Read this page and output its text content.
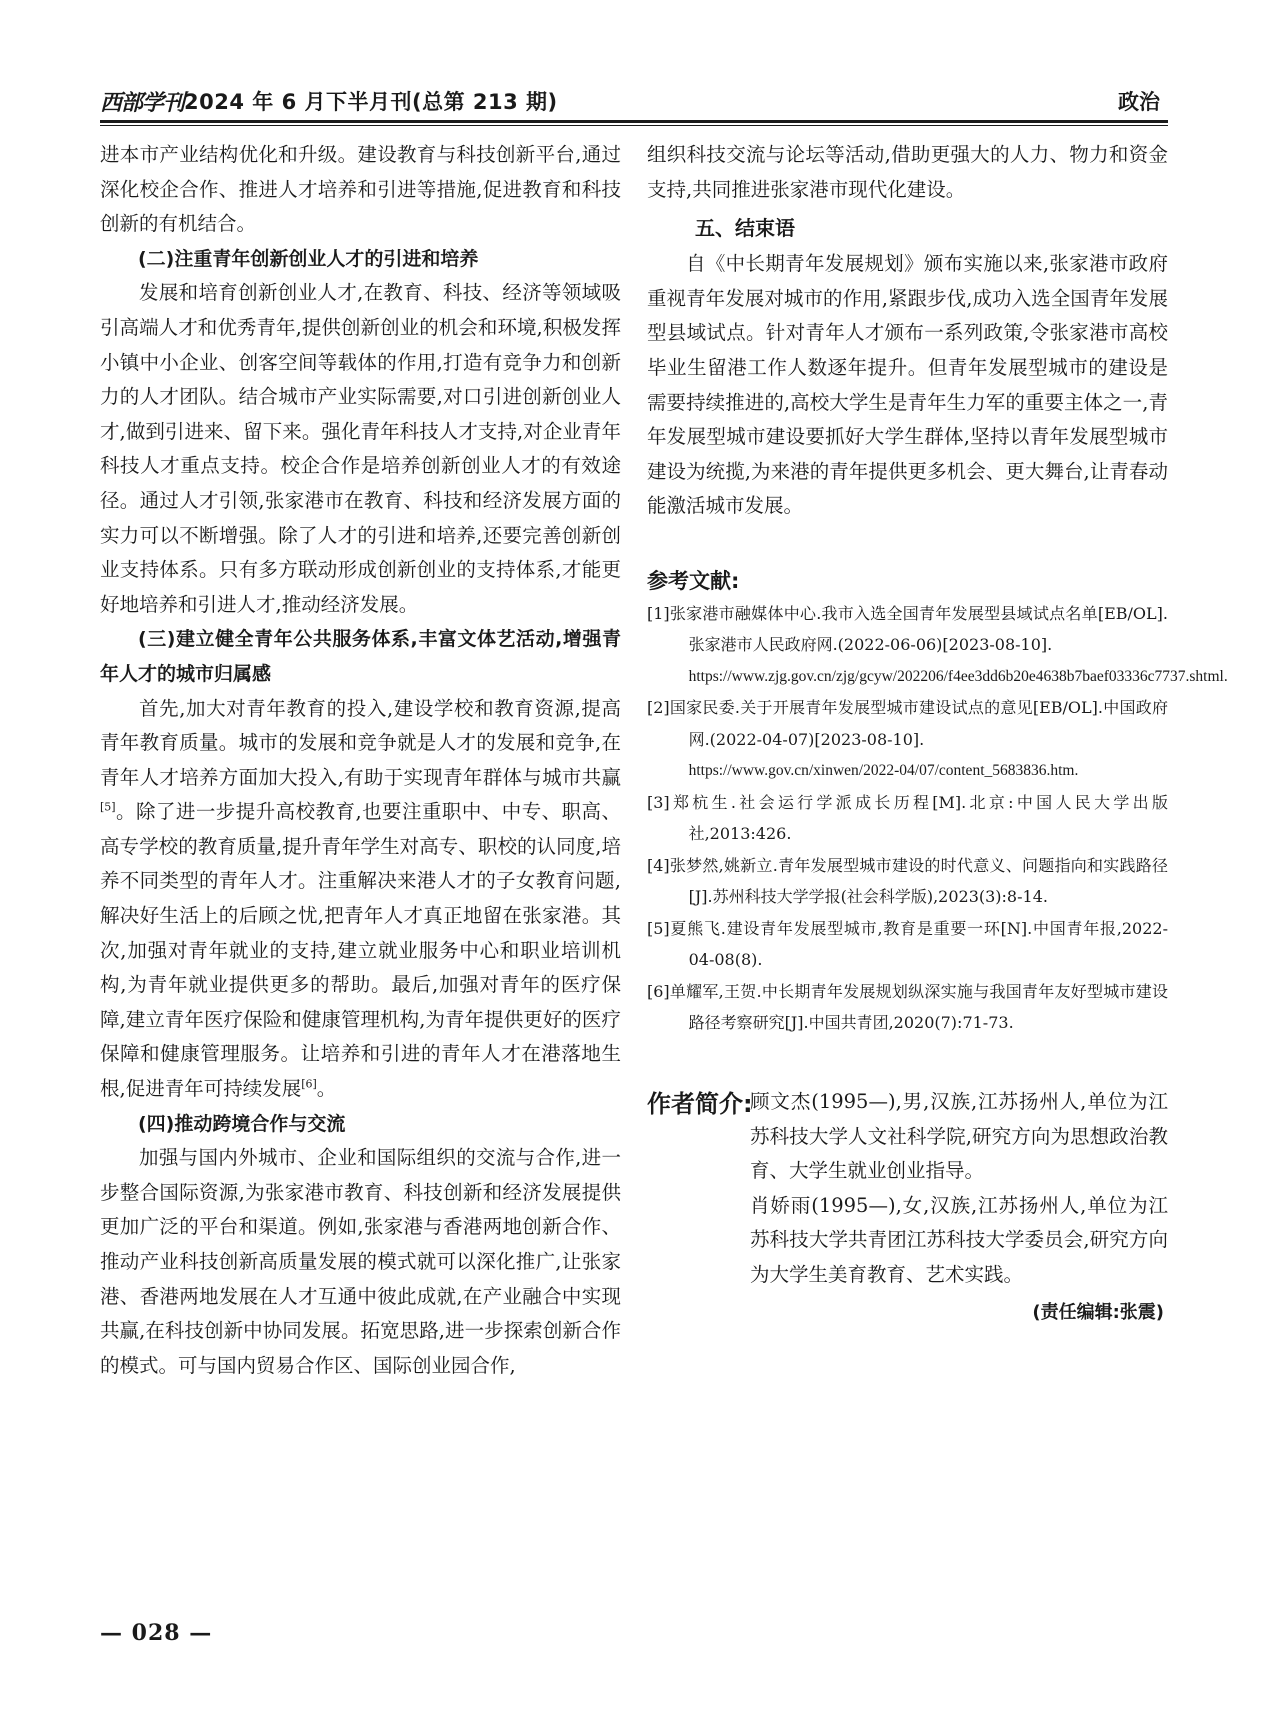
西部学刊 2024 年 6 月下半月刊(总第 213 期)	政治

进本市产业结构优化和升级。建设教育与科技创新平台,通过深化校企合作、推进人才培养和引进等措施,促进教育和科技创新的有机结合。

(二)注重青年创新创业人才的引进和培养

发展和培育创新创业人才,在教育、科技、经济等领域吸引高端人才和优秀青年,提供创新创业的机会和环境,积极发挥小镇中小企业、创客空间等载体的作用,打造有竞争力和创新力的人才团队。结合城市产业实际需要,对口引进创新创业人才,做到引进来、留下来。强化青年科技人才支持,对企业青年科技人才重点支持。校企合作是培养创新创业人才的有效途径。通过人才引领,张家港市在教育、科技和经济发展方面的实力可以不断增强。除了人才的引进和培养,还要完善创新创业支持体系。只有多方联动形成创新创业的支持体系,才能更好地培养和引进人才,推动经济发展。

(三)建立健全青年公共服务体系,丰富文体艺活动,增强青年人才的城市归属感

首先,加大对青年教育的投入,建设学校和教育资源,提高青年教育质量。城市的发展和竞争就是人才的发展和竞争,在青年人才培养方面加大投入,有助于实现青年群体与城市共赢[5]。除了进一步提升高校教育,也要注重职中、中专、职高、高专学校的教育质量,提升青年学生对高专、职校的认同度,培养不同类型的青年人才。注重解决来港人才的子女教育问题,解决好生活上的后顾之忧,把青年人才真正地留在张家港。其次,加强对青年就业的支持,建立就业服务中心和职业培训机构,为青年就业提供更多的帮助。最后,加强对青年的医疗保障,建立青年医疗保险和健康管理机构,为青年提供更好的医疗保障和健康管理服务。让培养和引进的青年人才在港落地生根,促进青年可持续发展[6]。

(四)推动跨境合作与交流

加强与国内外城市、企业和国际组织的交流与合作,进一步整合国际资源,为张家港市教育、科技创新和经济发展提供更加广泛的平台和渠道。例如,张家港与香港两地创新合作、推动产业科技创新高质量发展的模式就可以深化推广,让张家港、香港两地发展在人才互通中彼此成就,在产业融合中实现共赢,在科技创新中协同发展。拓宽思路,进一步探索创新合作的模式。可与国内贸易合作区、国际创业园合作,

组织科技交流与论坛等活动,借助更强大的人力、物力和资金支持,共同推进张家港市现代化建设。

五、结束语

自《中长期青年发展规划》颁布实施以来,张家港市政府重视青年发展对城市的作用,紧跟步伐,成功入选全国青年发展型县域试点。针对青年人才颁布一系列政策,令张家港市高校毕业生留港工作人数逐年提升。但青年发展型城市的建设是需要持续推进的,高校大学生是青年生力军的重要主体之一,青年发展型城市建设要抓好大学生群体,坚持以青年发展型城市建设为统揽,为来港的青年提供更多机会、更大舞台,让青春动能激活城市发展。

参考文献:
[1]张家港市融媒体中心.我市入选全国青年发展型县域试点名单[EB/OL].张家港市人民政府网.(2022-06-06)[2023-08-10].
https://www.zjg.gov.cn/zjg/gcyw/202206/f4ee3dd6b20e4638b7baef03336c7737.shtml.
[2]国家民委.关于开展青年发展型城市建设试点的意见[EB/OL].中国政府网.(2022-04-07)[2023-08-10].
https://www.gov.cn/xinwen/2022-04/07/content_5683836.htm.
[3]郑杭生.社会运行学派成长历程[M].北京:中国人民大学出版社,2013:426.
[4]张梦然,姚新立.青年发展型城市建设的时代意义、问题指向和实践路径[J].苏州科技大学学报(社会科学版),2023(3):8-14.
[5]夏熊飞.建设青年发展型城市,教育是重要一环[N].中国青年报,2022-04-08(8).
[6]单耀军,王贺.中长期青年发展规划纵深实施与我国青年友好型城市建设路径考察研究[J].中国共青团,2020(7):71-73.
作者简介:

顾文杰(1995—),男,汉族,江苏扬州人,单位为江苏科技大学人文社科学院,研究方向为思想政治教育、大学生就业创业指导。

肖娇雨(1995—),女,汉族,江苏扬州人,单位为江苏科技大学共青团江苏科技大学委员会,研究方向为大学生美育教育、艺术实践。

(责任编辑:张震)
— 028 —
